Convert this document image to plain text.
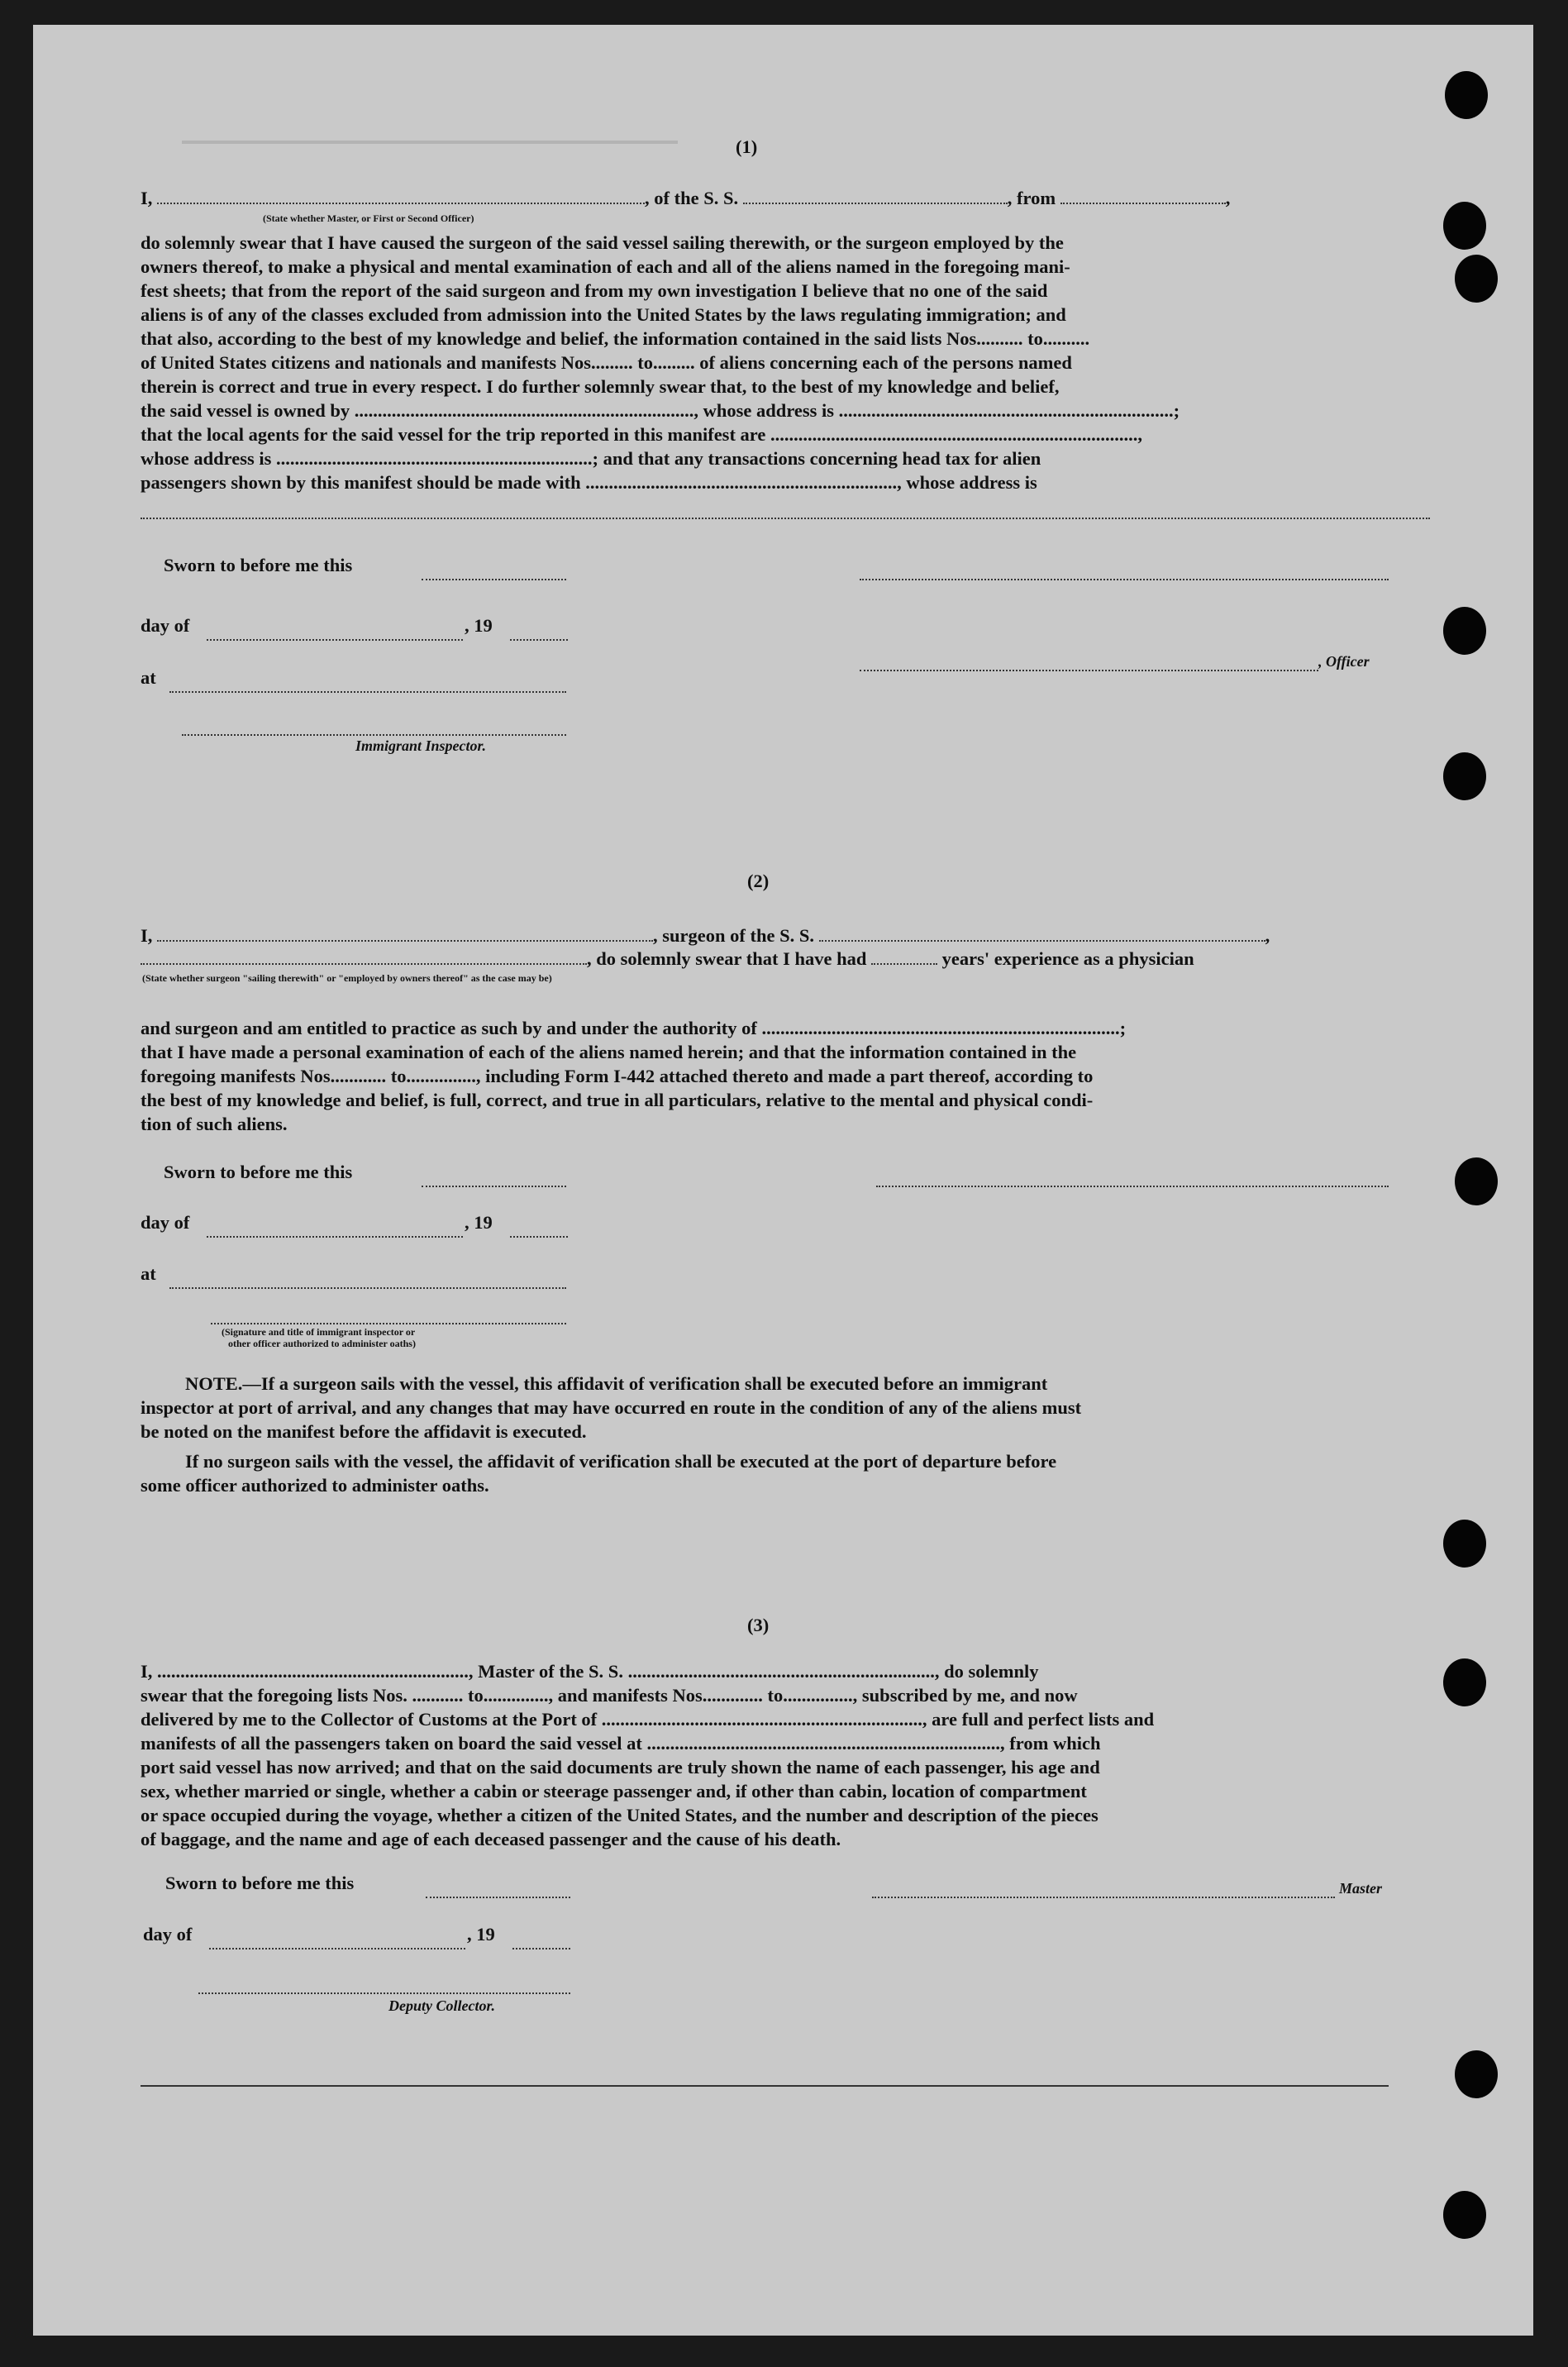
(1)
I,	, of the S. S.	, from	,
(State whether Master, or First or Second Officer)
do solemnly swear that I have caused the surgeon of the said vessel sailing therewith, or the surgeon employed by the
owners thereof, to make a physical and mental examination of each and all of the aliens named in the foregoing mani-
fest sheets; that from the report of the said surgeon and from my own investigation I believe that no one of the said
aliens is of any of the classes excluded from admission into the United States by the laws regulating immigration; and
that also, according to the best of my knowledge and belief, the information contained in the said lists Nos.......... to..........
of United States citizens and nationals and manifests Nos......... to......... of aliens concerning each of the persons named
therein is correct and true in every respect. I do further solemnly swear that, to the best of my knowledge and belief,
the said vessel is owned by ........................................................................., whose address is ........................................................................;
that the local agents for the said vessel for the trip reported in this manifest are ...............................................................................,
whose address is ....................................................................; and that any transactions concerning head tax for alien
passengers shown by this manifest should be made with ..................................................................., whose address is
Sworn to before me this
day of	, 19
, Officer
at
Immigrant Inspector.
(2)
I,	, surgeon of the S. S.	,
, do solemnly swear that I have had	years' experience as a physician
(State whether surgeon "sailing therewith" or "employed by owners thereof" as the case may be)
and surgeon and am entitled to practice as such by and under the authority of .............................................................................;
that I have made a personal examination of each of the aliens named herein; and that the information contained in the
foregoing manifests Nos............ to..............., including Form I-442 attached thereto and made a part thereof, according to
the best of my knowledge and belief, is full, correct, and true in all particulars, relative to the mental and physical condi-
tion of such aliens.
Sworn to before me this
day of	, 19
at
(Signature and title of immigrant inspector or
other officer authorized to administer oaths)
NOTE.—If a surgeon sails with the vessel, this affidavit of verification shall be executed before an immigrant
inspector at port of arrival, and any changes that may have occurred en route in the condition of any of the aliens must
be noted on the manifest before the affidavit is executed.
If no surgeon sails with the vessel, the affidavit of verification shall be executed at the port of departure before
some officer authorized to administer oaths.
(3)
I, ..................................................................., Master of the S. S. .................................................................., do solemnly
swear that the foregoing lists Nos. ........... to.............., and manifests Nos............. to..............., subscribed by me, and now
delivered by me to the Collector of Customs at the Port of ....................................................................., are full and perfect lists and
manifests of all the passengers taken on board the said vessel at ............................................................................, from which
port said vessel has now arrived; and that on the said documents are truly shown the name of each passenger, his age and
sex, whether married or single, whether a cabin or steerage passenger and, if other than cabin, location of compartment
or space occupied during the voyage, whether a citizen of the United States, and the number and description of the pieces
of baggage, and the name and age of each deceased passenger and the cause of his death.
Sworn to before me this	Master
day of	, 19
Deputy Collector.
